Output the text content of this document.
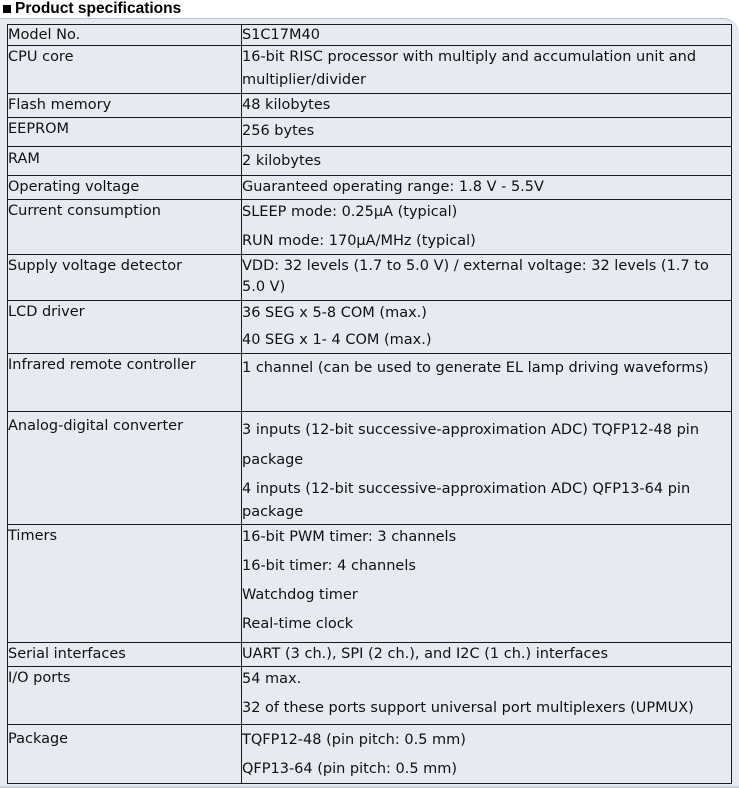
Product specifications
Model No.	S1C17M40

CPU core	16-bit RISC processor with multiply and accumulation unit and multiplier/divider

Flash memory	48 kilobytes

EEPROM	256 bytes

RAM	2 kilobytes

Operating voltage	Guaranteed operating range: 1.8 V - 5.5V

Current consumption	SLEEP mode: 0.25μA (typical)
RUN mode: 170μA/MHz (typical)

Supply voltage detector	VDD: 32 levels (1.7 to 5.0 V) / external voltage: 32 levels (1.7 to 5.0 V)

LCD driver	36 SEG x 5-8 COM (max.)
40 SEG x 1- 4 COM (max.)

Infrared remote controller	1 channel (can be used to generate EL lamp driving waveforms)

Analog-digital converter	3 inputs (12-bit successive-approximation ADC) TQFP12-48 pin package
4 inputs (12-bit successive-approximation ADC) QFP13-64 pin package

Timers	16-bit PWM timer: 3 channels
16-bit timer: 4 channels
Watchdog timer
Real-time clock

Serial interfaces	UART (3 ch.), SPI (2 ch.), and I2C (1 ch.) interfaces

I/O ports	54 max.
32 of these ports support universal port multiplexers (UPMUX)

Package	TQFP12-48 (pin pitch: 0.5 mm)
QFP13-64 (pin pitch: 0.5 mm)
